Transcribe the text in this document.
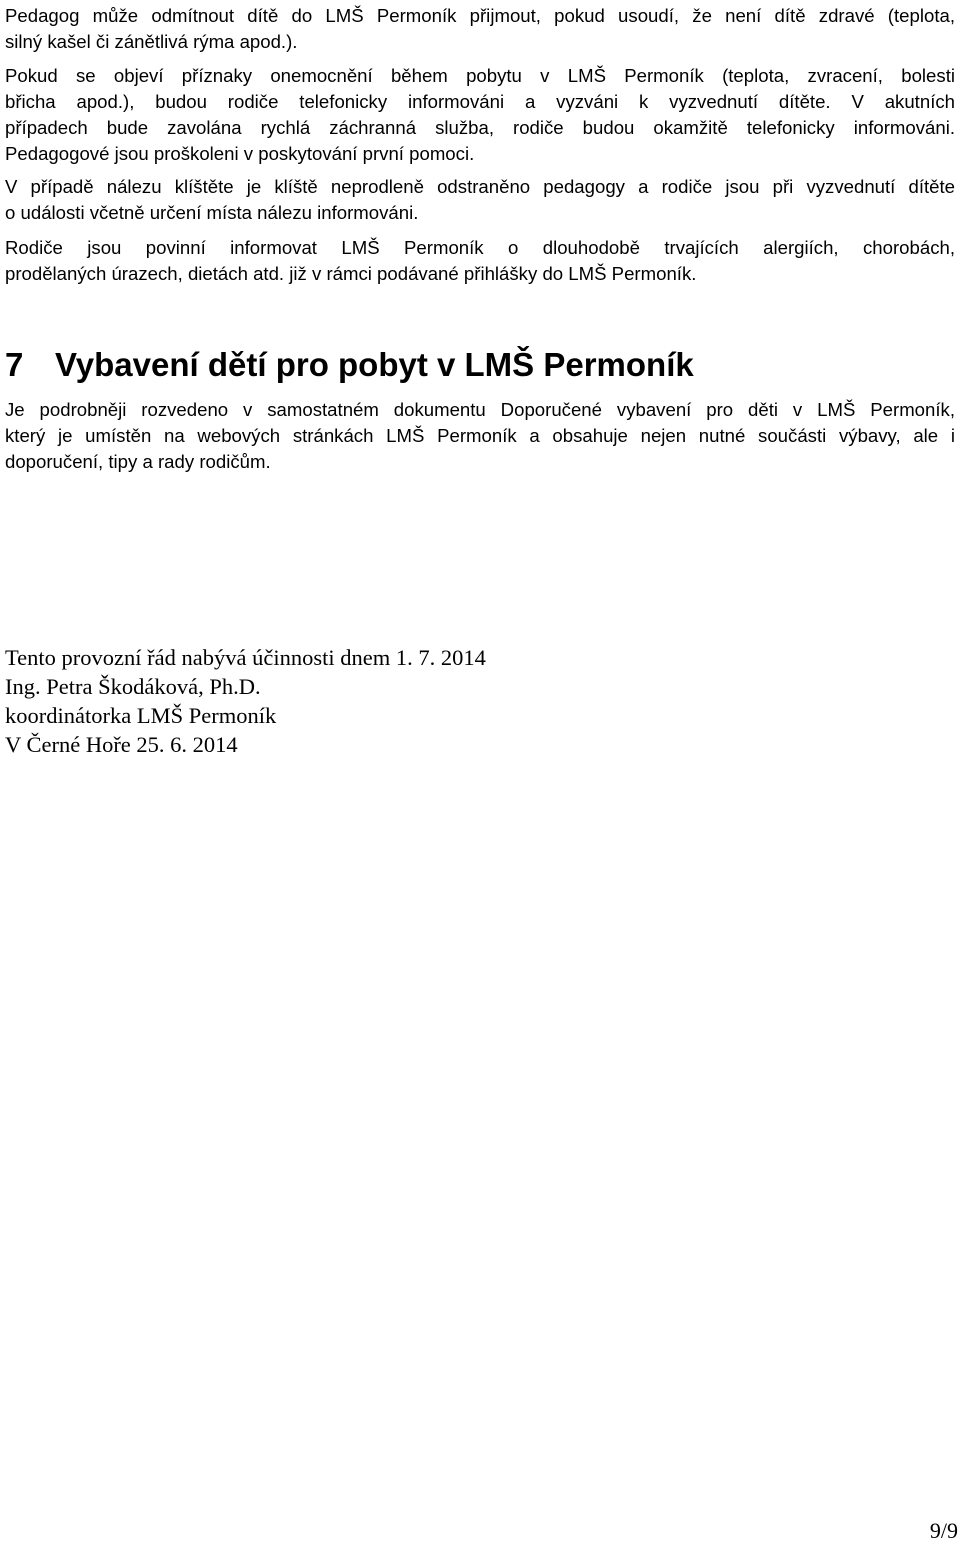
Pedagog může odmítnout dítě do LMŠ Permoník přijmout, pokud usoudí, že není dítě zdravé (teplota,
silný kašel či zánětlivá rýma apod.).

Pokud se objeví příznaky onemocnění během pobytu v LMŠ Permoník (teplota, zvracení, bolesti
břicha apod.), budou rodiče telefonicky informováni a vyzváni k vyzvednutí dítěte. V akutních
případech bude zavolána rychlá záchranná služba, rodiče budou okamžitě telefonicky informováni.
Pedagogové jsou proškoleni v poskytování první pomoci.

V případě nálezu klíštěte je klíště neprodleně odstraněno pedagogy a rodiče jsou při vyzvednutí dítěte
o události včetně určení místa nálezu informováni.

Rodiče jsou povinní informovat LMŠ Permoník o dlouhodobě trvajících alergiích, chorobách,
prodělaných úrazech, dietách atd. již v rámci podávané přihlášky do LMŠ Permoník.

7 Vybavení dětí pro pobyt v LMŠ Permoník

Je podrobněji rozvedeno v samostatném dokumentu Doporučené vybavení pro děti v LMŠ Permoník,
který je umístěn na webových stránkách LMŠ Permoník a obsahuje nejen nutné součásti výbavy, ale i
doporučení, tipy a rady rodičům.

Tento provozní řád nabývá účinnosti dnem 1. 7. 2014
Ing. Petra Škodáková, Ph.D.
koordinátorka LMŠ Permoník
V Černé Hoře 25. 6. 2014
9/9
